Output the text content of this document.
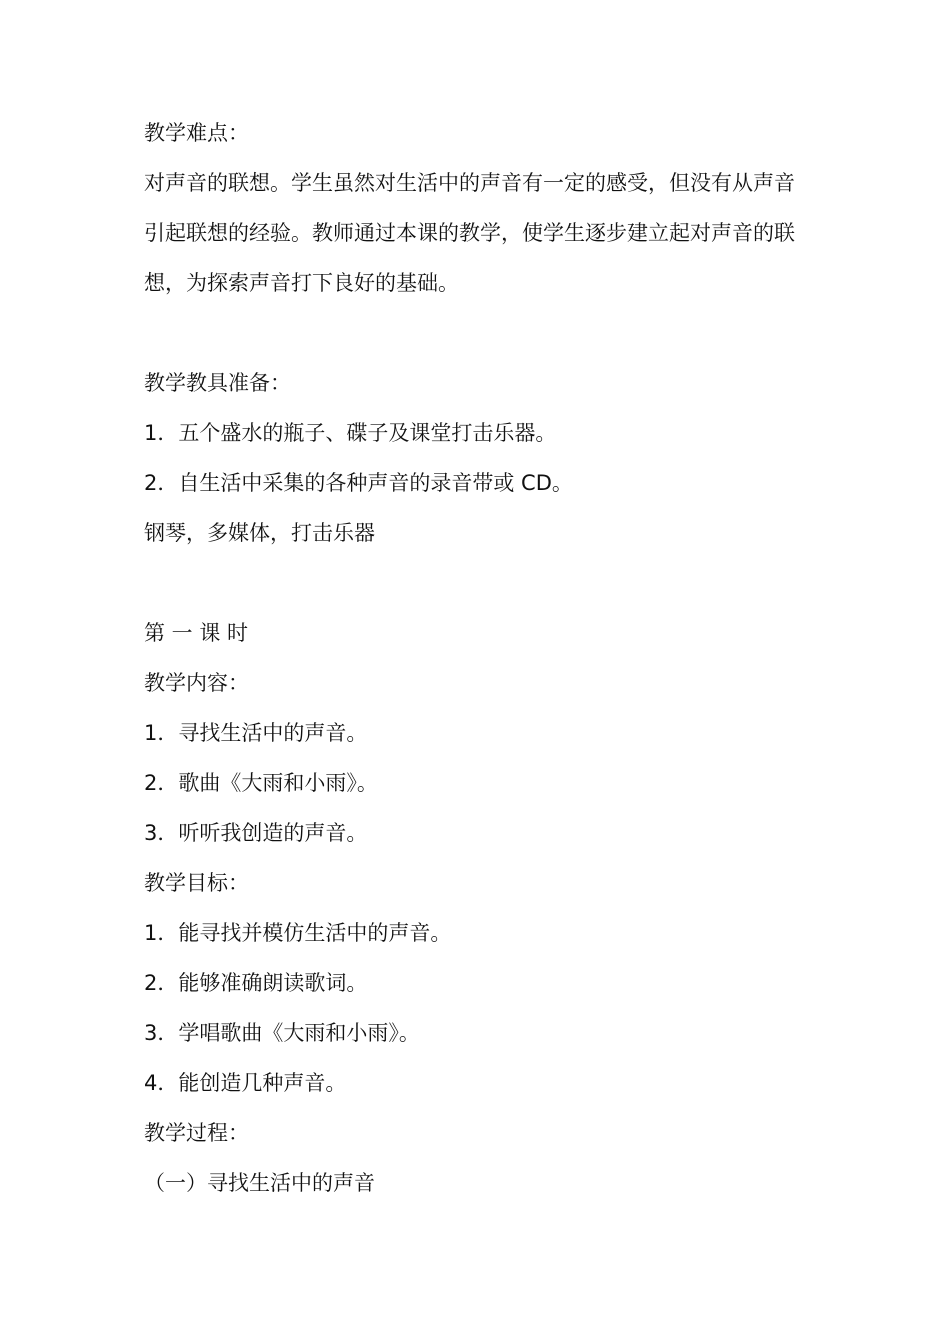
教学难点：
对声音的联想。学生虽然对生活中的声音有一定的感受，但没有从声音引起联想的经验。教师通过本课的教学，使学生逐步建立起对声音的联想，为探索声音打下良好的基础。
教学教具准备：
1．五个盛水的瓶子、碟子及课堂打击乐器。
2．自生活中采集的各种声音的录音带或 CD。
钢琴，多媒体，打击乐器
第 一 课 时
教学内容：
1．寻找生活中的声音。
2．歌曲《大雨和小雨》。
3．听听我创造的声音。
教学目标：
1．能寻找并模仿生活中的声音。
2．能够准确朗读歌词。
3．学唱歌曲《大雨和小雨》。
4．能创造几种声音。
教学过程：
（一）寻找生活中的声音
